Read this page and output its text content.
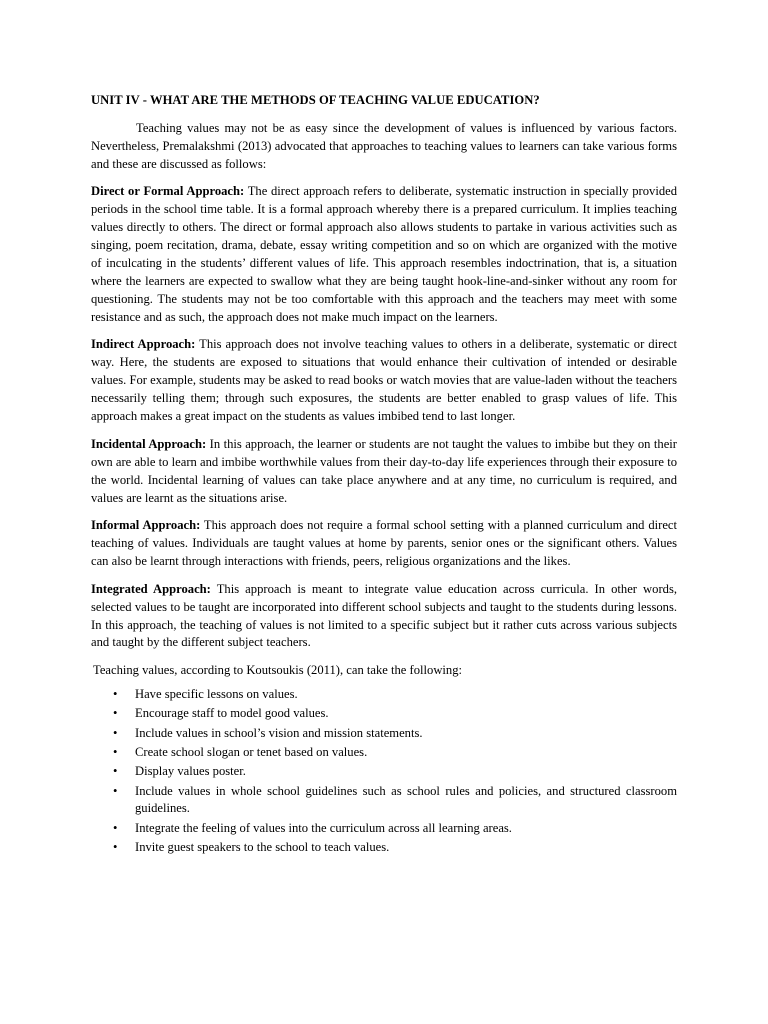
UNIT IV - WHAT ARE THE METHODS OF TEACHING VALUE EDUCATION?

Teaching values may not be as easy since the development of values is influenced by various factors. Nevertheless, Premalakshmi (2013) advocated that approaches to teaching values to learners can take various forms and these are discussed as follows:

Direct or Formal Approach: The direct approach refers to deliberate, systematic instruction in specially provided periods in the school time table. It is a formal approach whereby there is a prepared curriculum. It implies teaching values directly to others. The direct or formal approach also allows students to partake in various activities such as singing, poem recitation, drama, debate, essay writing competition and so on which are organized with the motive of inculcating in the students’ different values of life. This approach resembles indoctrination, that is, a situation where the learners are expected to swallow what they are being taught hook-line-and-sinker without any room for questioning. The students may not be too comfortable with this approach and the teachers may meet with some resistance and as such, the approach does not make much impact on the learners.

Indirect Approach: This approach does not involve teaching values to others in a deliberate, systematic or direct way. Here, the students are exposed to situations that would enhance their cultivation of intended or desirable values. For example, students may be asked to read books or watch movies that are value-laden without the teachers necessarily telling them; through such exposures, the students are better enabled to grasp values of life. This approach makes a great impact on the students as values imbibed tend to last longer.

Incidental Approach: In this approach, the learner or students are not taught the values to imbibe but they on their own are able to learn and imbibe worthwhile values from their day-to-day life experiences through their exposure to the world. Incidental learning of values can take place anywhere and at any time, no curriculum is required, and values are learnt as the situations arise.

Informal Approach: This approach does not require a formal school setting with a planned curriculum and direct teaching of values. Individuals are taught values at home by parents, senior ones or the significant others. Values can also be learnt through interactions with friends, peers, religious organizations and the likes.

Integrated Approach: This approach is meant to integrate value education across curricula. In other words, selected values to be taught are incorporated into different school subjects and taught to the students during lessons. In this approach, the teaching of values is not limited to a specific subject but it rather cuts across various subjects and taught by the different subject teachers.

Teaching values, according to Koutsoukis (2011), can take the following:

• Have specific lessons on values.
• Encourage staff to model good values.
• Include values in school’s vision and mission statements.
• Create school slogan or tenet based on values.
• Display values poster.
• Include values in whole school guidelines such as school rules and policies, and structured classroom guidelines.
• Integrate the feeling of values into the curriculum across all learning areas.
• Invite guest speakers to the school to teach values.
